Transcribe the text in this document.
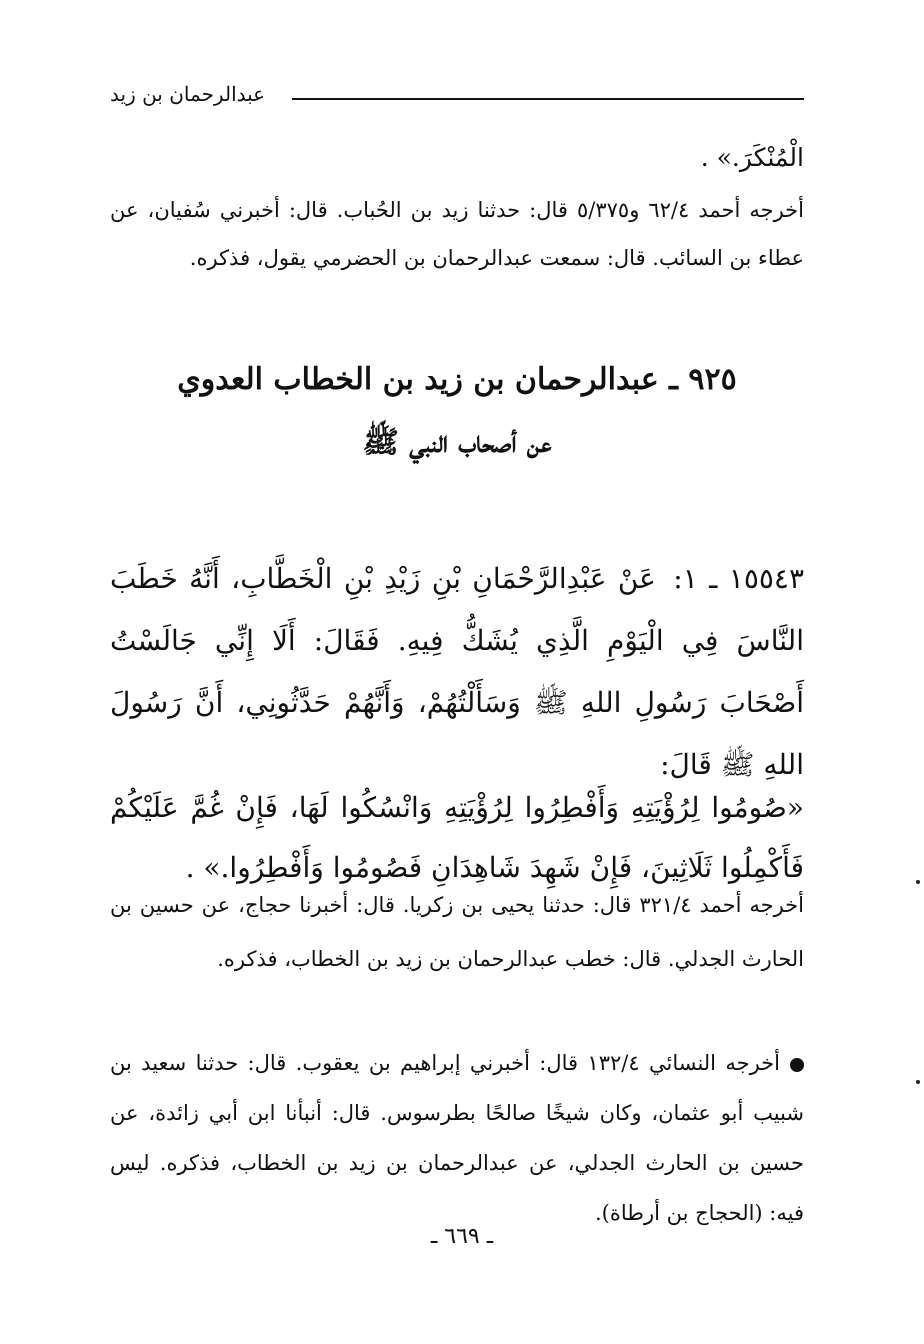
عبدالرحمان بن زيد
الْمُنْكَرَ.» .
أخرجه أحمد ٦٢/٤ و٥/٣٧٥ قال: حدثنا زيد بن الحُباب. قال: أخبرني سُفيان، عن عطاء بن السائب. قال: سمعت عبدالرحمان بن الحضرمي يقول، فذكره.
٩٢٥ ـ عبدالرحمان بن زيد بن الخطاب العدوي
عن أصحاب النبي ﷺ
١٥٥٤٣ ـ ١: عَنْ عَبْدِالرَّحْمَانِ بْنِ زَيْدِ بْنِ الْخَطَّابِ، أَنَّهُ خَطَبَ النَّاسَ فِي الْيَوْمِ الَّذِي يُشَكُّ فِيهِ. فَقَالَ: أَلَا إِنِّي جَالَسْتُ أَصْحَابَ رَسُولِ اللهِ ﷺ وَسَأَلْتُهُمْ، وَأَنَّهُمْ حَدَّثُونِي، أَنَّ رَسُولَ اللهِ ﷺ قَالَ:
«صُومُوا لِرُؤْيَتِهِ وَأَفْطِرُوا لِرُؤْيَتِهِ وَانْسُكُوا لَهَا، فَإِنْ غُمَّ عَلَيْكُمْ فَأَكْمِلُوا ثَلَاثِينَ، فَإِنْ شَهِدَ شَاهِدَانِ فَصُومُوا وَأَفْطِرُوا.» .
أخرجه أحمد ٣٢١/٤ قال: حدثنا يحيى بن زكريا. قال: أخبرنا حجاج، عن حسين بن الحارث الجدلي. قال: خطب عبدالرحمان بن زيد بن الخطاب، فذكره.
أخرجه النسائي ١٣٢/٤ قال: أخبرني إبراهيم بن يعقوب. قال: حدثنا سعيد بن شبيب أبو عثمان، وكان شيخًا صالحًا بطرسوس. قال: أنبأنا ابن أبي زائدة، عن حسين بن الحارث الجدلي، عن عبدالرحمان بن زيد بن الخطاب، فذكره. ليس فيه: (الحجاج بن أرطاة).
ـ ٦٦٩ ـ
